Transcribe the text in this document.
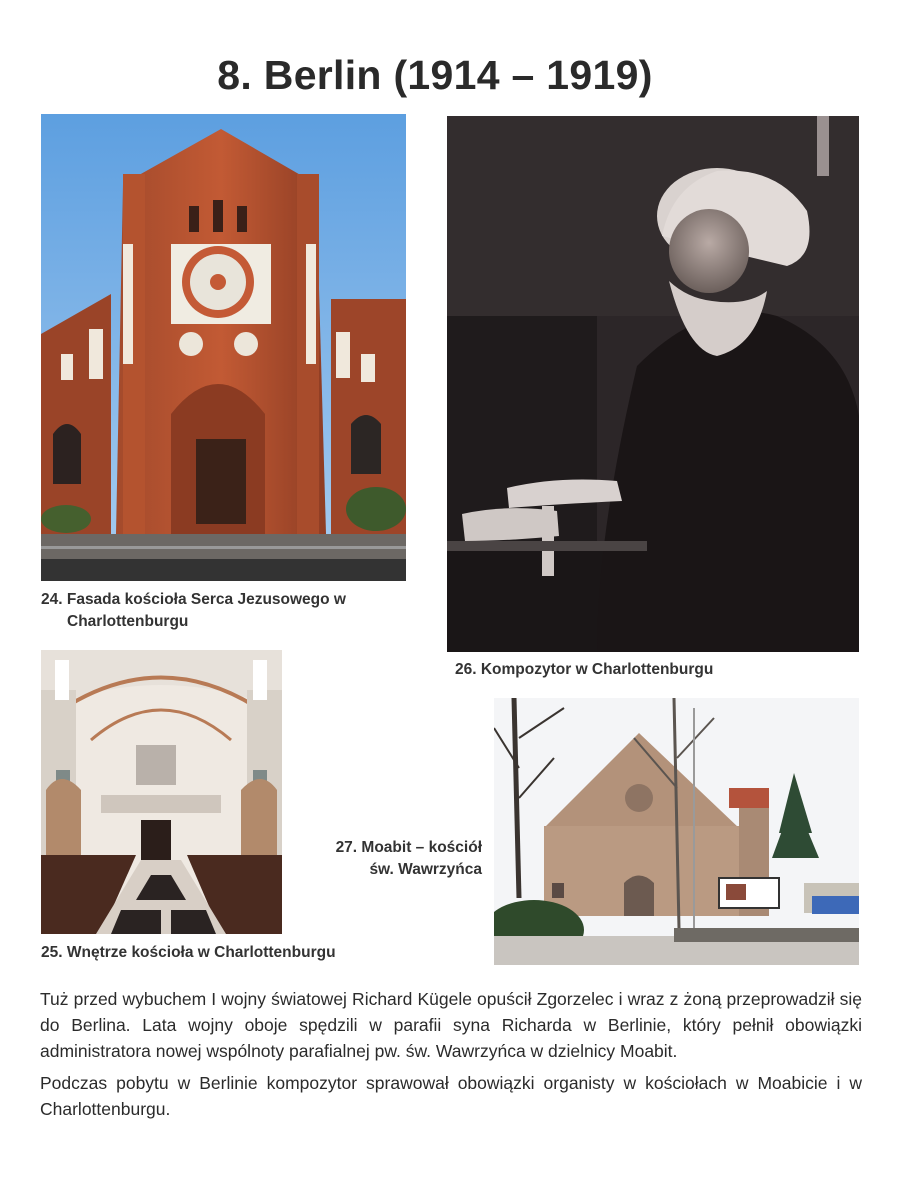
8. Berlin (1914 – 1919)
24. Fasada kościoła Serca Jezusowego w
Charlottenburgu
26. Kompozytor w Charlottenburgu
25. Wnętrze kościoła w Charlottenburgu
27. Moabit – kościół
św. Wawrzyńca

Tuż przed wybuchem I wojny światowej Richard Kügele opuścił Zgorzelec i wraz z żoną przeprowadził się do Berlina. Lata wojny oboje spędzili w parafii syna Richarda w Berlinie, który pełnił obowiązki administratora nowej wspólnoty parafialnej pw. św. Wawrzyńca w dzielnicy Moabit.

Podczas pobytu w Berlinie kompozytor sprawował obowiązki organisty w kościołach w Moabicie i w Charlottenburgu.
